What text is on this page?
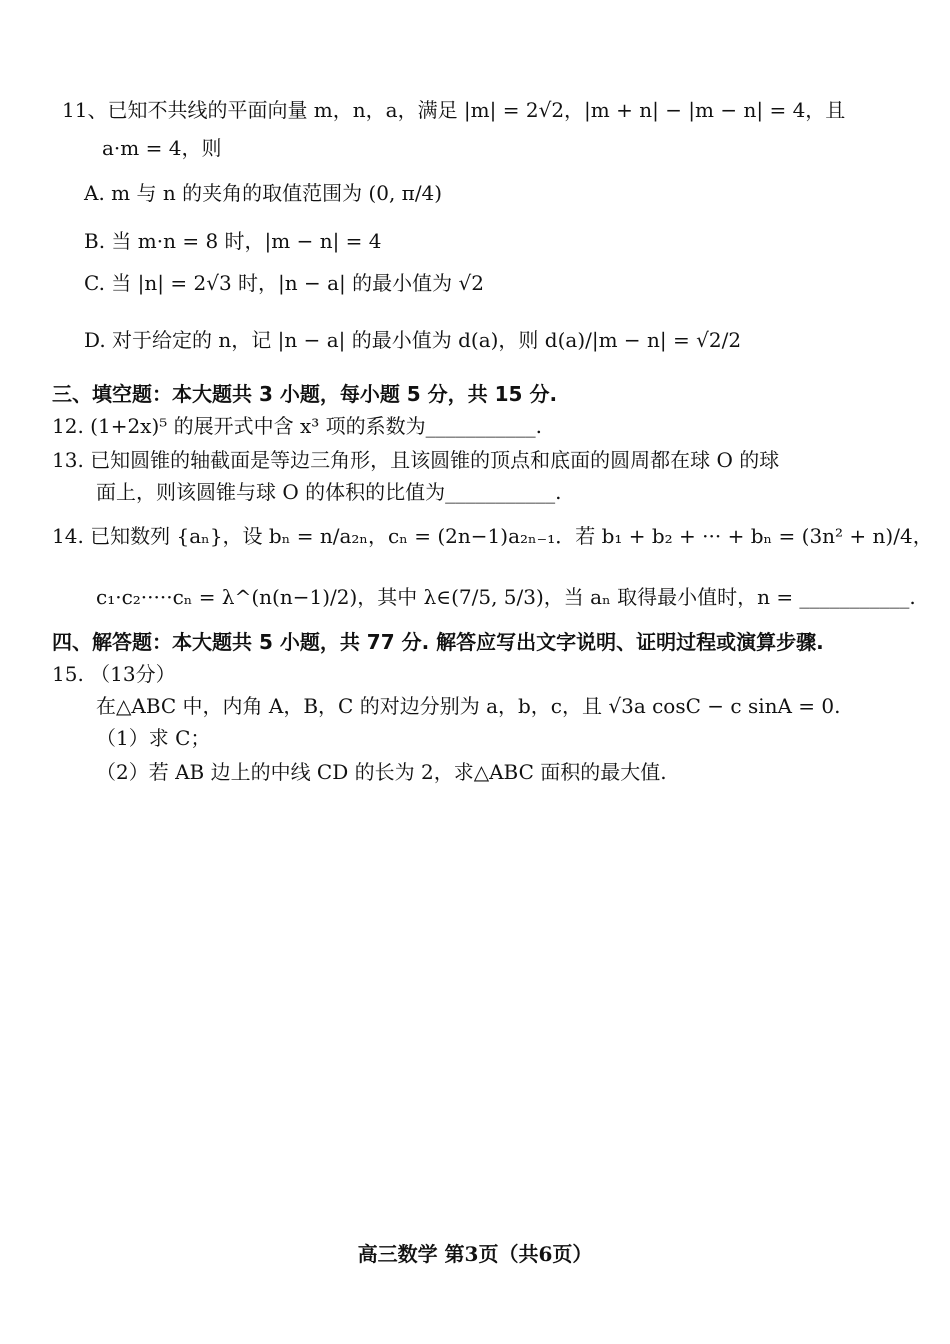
11、已知不共线的平面向量 m，n，a，满足 |m| = 2√2，|m + n| − |m − n| = 4，且
a·m = 4，则
A. m 与 n 的夹角的取值范围为 (0, π/4)
B. 当 m·n = 8 时，|m − n| = 4
C. 当 |n| = 2√3 时，|n − a| 的最小值为 √2
D. 对于给定的 n，记 |n − a| 的最小值为 d(a)，则 d(a)/|m − n| = √2/2
三、填空题：本大题共 3 小题，每小题 5 分，共 15 分.
12. (1+2x)⁵ 的展开式中含 x³ 项的系数为___________.
13. 已知圆锥的轴截面是等边三角形，且该圆锥的顶点和底面的圆周都在球 O 的球
面上，则该圆锥与球 O 的体积的比值为___________.
14. 已知数列 {aₙ}，设 bₙ = n/a₂ₙ，cₙ = (2n−1)a₂ₙ₋₁．若 b₁ + b₂ + ··· + bₙ = (3n² + n)/4，
c₁·c₂·····cₙ = λ^(n(n−1)/2)，其中 λ∈(7/5, 5/3)，当 aₙ 取得最小值时，n = ___________.
四、解答题：本大题共 5 小题，共 77 分. 解答应写出文字说明、证明过程或演算步骤.
15. （13分）
在△ABC 中，内角 A，B，C 的对边分别为 a，b，c，且 √3a cosC − c sinA = 0.
（1）求 C；
（2）若 AB 边上的中线 CD 的长为 2，求△ABC 面积的最大值.
高三数学 第3页（共6页）
